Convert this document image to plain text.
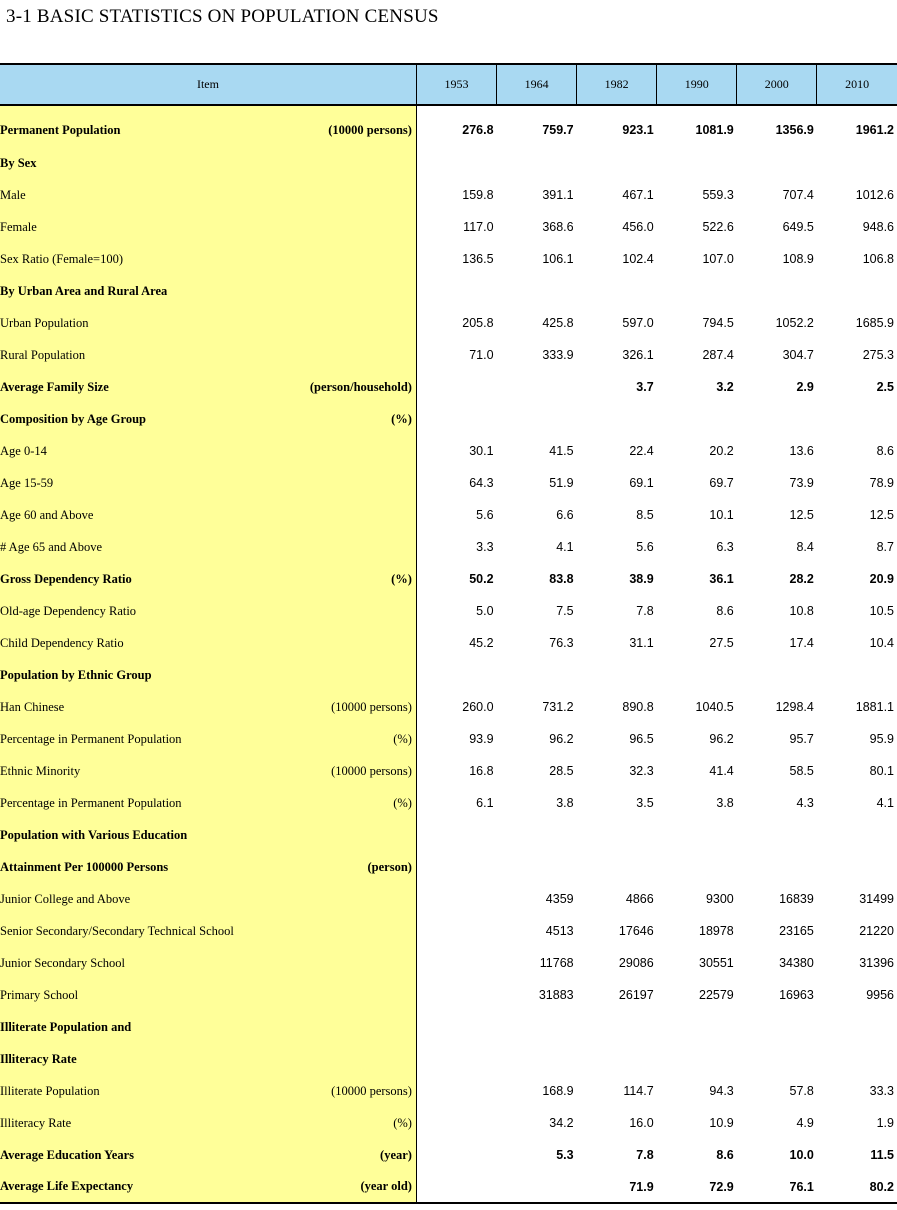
3-1 BASIC STATISTICS ON POPULATION CENSUS
Item	1953	1964	1982	1990	2000	2010

Permanent Population (10000 persons)	276.8	759.7	923.1	1081.9	1356.9	1961.2

By Sex						

Male	159.8	391.1	467.1	559.3	707.4	1012.6

Female	117.0	368.6	456.0	522.6	649.5	948.6

Sex Ratio (Female=100)	136.5	106.1	102.4	107.0	108.9	106.8

By Urban Area and Rural Area						

Urban Population	205.8	425.8	597.0	794.5	1052.2	1685.9

Rural Population	71.0	333.9	326.1	287.4	304.7	275.3

Average Family Size (person/household)			3.7	3.2	2.9	2.5

Composition by Age Group (%)						

Age 0-14	30.1	41.5	22.4	20.2	13.6	8.6

Age 15-59	64.3	51.9	69.1	69.7	73.9	78.9

Age 60 and Above	5.6	6.6	8.5	10.1	12.5	12.5

# Age 65 and Above	3.3	4.1	5.6	6.3	8.4	8.7

Gross Dependency Ratio (%)	50.2	83.8	38.9	36.1	28.2	20.9

Old-age Dependency Ratio	5.0	7.5	7.8	8.6	10.8	10.5

Child Dependency Ratio	45.2	76.3	31.1	27.5	17.4	10.4

Population by Ethnic Group						

Han Chinese (10000 persons)	260.0	731.2	890.8	1040.5	1298.4	1881.1

Percentage in Permanent Population (%)	93.9	96.2	96.5	96.2	95.7	95.9

Ethnic Minority (10000 persons)	16.8	28.5	32.3	41.4	58.5	80.1

Percentage in Permanent Population (%)	6.1	3.8	3.5	3.8	4.3	4.1

Population with Various Education						

Attainment Per 100000 Persons (person)						

Junior College and Above		4359	4866	9300	16839	31499

Senior Secondary/Secondary Technical School		4513	17646	18978	23165	21220

Junior Secondary School		11768	29086	30551	34380	31396

Primary School		31883	26197	22579	16963	9956

Illiterate Population and						

Illiteracy Rate						

Illiterate Population (10000 persons)		168.9	114.7	94.3	57.8	33.3

Illiteracy Rate (%)		34.2	16.0	10.9	4.9	1.9

Average Education Years (year)		5.3	7.8	8.6	10.0	11.5

Average Life Expectancy (year old)			71.9	72.9	76.1	80.2
